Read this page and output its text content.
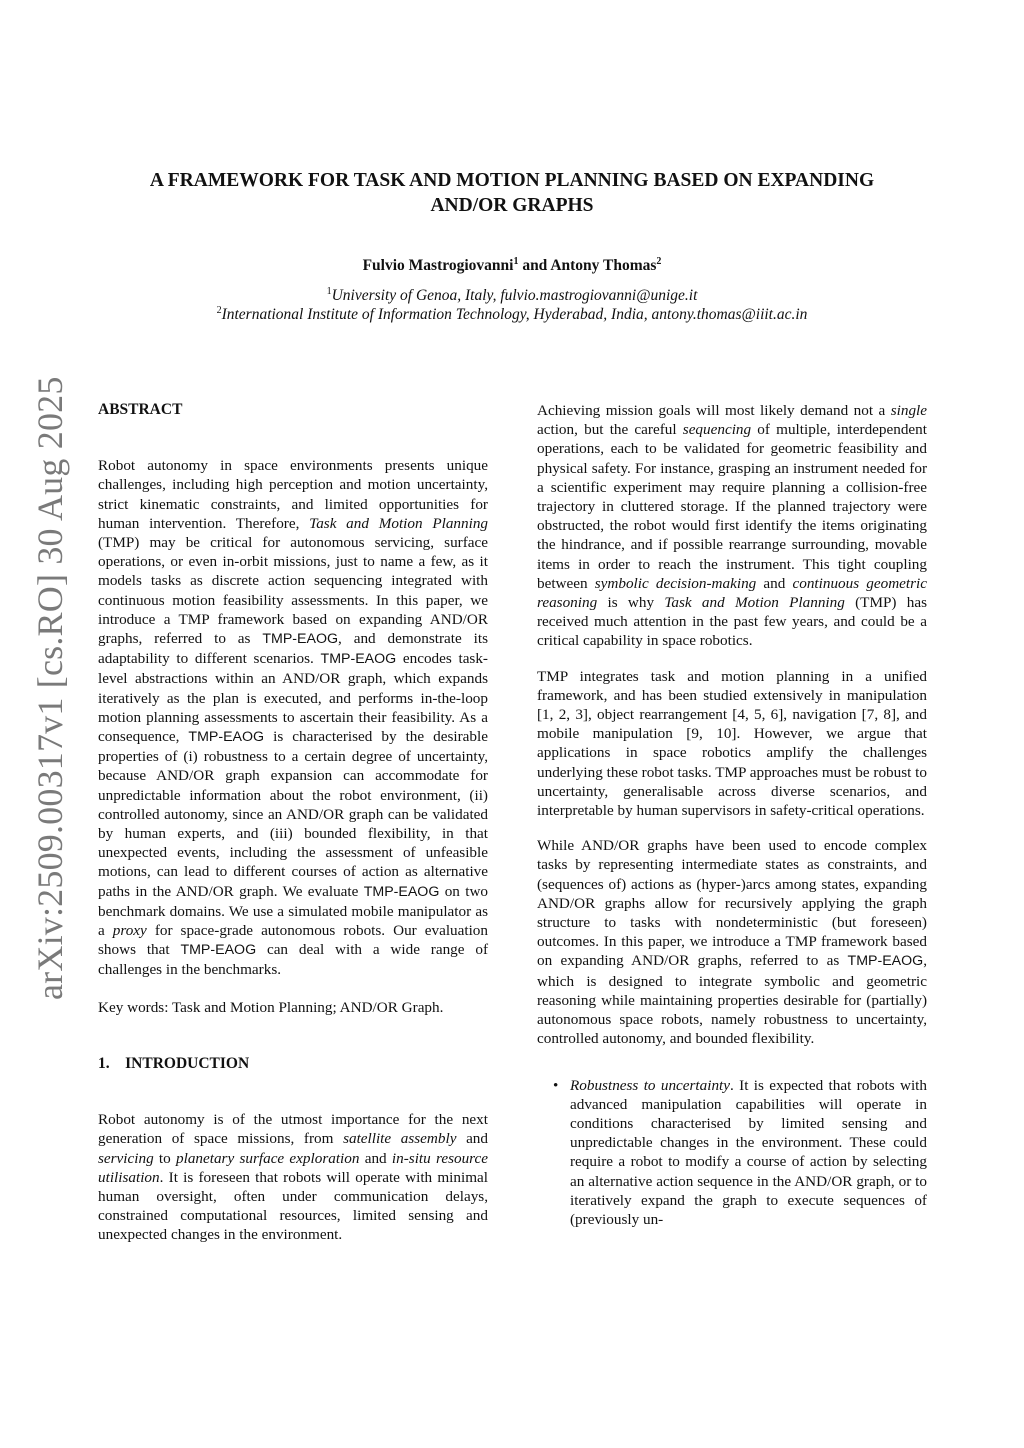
arXiv:2509.00317v1 [cs.RO] 30 Aug 2025
A FRAMEWORK FOR TASK AND MOTION PLANNING BASED ON EXPANDING
AND/OR GRAPHS
Fulvio Mastrogiovanni$^1$ and Antony Thomas$^2$
$^1$University of Genoa, Italy, fulvio.mastrogiovanni@unige.it
$^2$International Institute of Information Technology, Hyderabad, India, antony.thomas@iiit.ac.in
ABSTRACT

Robot autonomy in space environments presents unique challenges, including high perception and motion uncertainty, strict kinematic constraints, and limited opportunities for human intervention. Therefore, Task and Motion Planning (TMP) may be critical for autonomous servicing, surface operations, or even in-orbit missions, just to name a few, as it models tasks as discrete action sequencing integrated with continuous motion feasibility assessments. In this paper, we introduce a TMP framework based on expanding AND/OR graphs, referred to as TMP-EAOG, and demonstrate its adaptability to different scenarios. TMP-EAOG encodes task-level abstractions within an AND/OR graph, which expands iteratively as the plan is executed, and performs in-the-loop motion planning assessments to ascertain their feasibility. As a consequence, TMP-EAOG is characterised by the desirable properties of (i) robustness to a certain degree of uncertainty, because AND/OR graph expansion can accommodate for unpredictable information about the robot environment, (ii) controlled autonomy, since an AND/OR graph can be validated by human experts, and (iii) bounded flexibility, in that unexpected events, including the assessment of unfeasible motions, can lead to different courses of action as alternative paths in the AND/OR graph. We evaluate TMP-EAOG on two benchmark domains. We use a simulated mobile manipulator as a proxy for space-grade autonomous robots. Our evaluation shows that TMP-EAOG can deal with a wide range of challenges in the benchmarks.

Key words: Task and Motion Planning; AND/OR Graph.

1.    INTRODUCTION

Robot autonomy is of the utmost importance for the next generation of space missions, from satellite assembly and servicing to planetary surface exploration and in-situ resource utilisation. It is foreseen that robots will operate with minimal human oversight, often under communication delays, constrained computational resources, limited sensing and unexpected changes in the environment.

Achieving mission goals will most likely demand not a single action, but the careful sequencing of multiple, interdependent operations, each to be validated for geometric feasibility and physical safety. For instance, grasping an instrument needed for a scientific experiment may require planning a collision-free trajectory in cluttered storage. If the planned trajectory were obstructed, the robot would first identify the items originating the hindrance, and if possible rearrange surrounding, movable items in order to reach the instrument. This tight coupling between symbolic decision-making and continuous geometric reasoning is why Task and Motion Planning (TMP) has received much attention in the past few years, and could be a critical capability in space robotics.

TMP integrates task and motion planning in a unified framework, and has been studied extensively in manipulation [1, 2, 3], object rearrangement [4, 5, 6], navigation [7, 8], and mobile manipulation [9, 10]. However, we argue that applications in space robotics amplify the challenges underlying these robot tasks. TMP approaches must be robust to uncertainty, generalisable across diverse scenarios, and interpretable by human supervisors in safety-critical operations.

While AND/OR graphs have been used to encode complex tasks by representing intermediate states as constraints, and (sequences of) actions as (hyper-)arcs among states, expanding AND/OR graphs allow for recursively applying the graph structure to tasks with nondeterministic (but foreseen) outcomes. In this paper, we introduce a TMP framework based on expanding AND/OR graphs, referred to as TMP-EAOG, which is designed to integrate symbolic and geometric reasoning while maintaining properties desirable for (partially) autonomous space robots, namely robustness to uncertainty, controlled autonomy, and bounded flexibility.

• Robustness to uncertainty. It is expected that robots with advanced manipulation capabilities will operate in conditions characterised by limited sensing and unpredictable changes in the environment. These could require a robot to modify a course of action by selecting an alternative action sequence in the AND/OR graph, or to iteratively expand the graph to execute sequences of (previously un-
